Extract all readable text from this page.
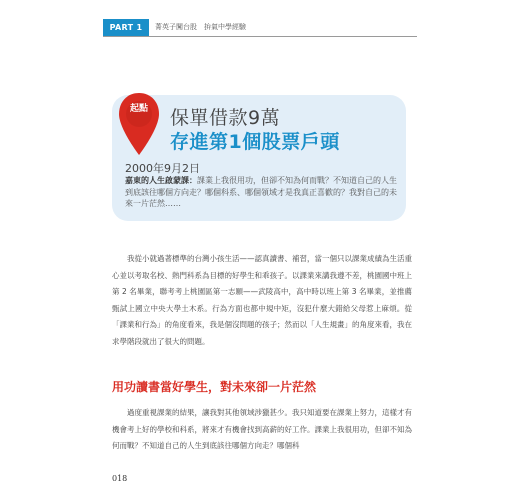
PART 1	菁英子闖台股　拚氣中學經驗
起點	保單借款9萬
存進第1個股票戶頭
2000年9月2日
嘉東的人生啟蒙課：課業上我很用功，但卻不知為何而戰？不知道自己的人生到底該往哪個方向走？哪個科系、哪個領域才是我真正喜歡的？我對自己的未來一片茫然……
我從小就過著標準的台灣小孩生活——認真讀書、補習，當一個只以課業成績為生活重心並以考取名校、熱門科系為目標的好學生和乖孩子。以課業來講我遵不差，桃園國中班上第 2 名畢業，聯考考上桃園區第一志願——武陵高中，高中時以班上第 3 名畢業，並推薦甄試上國立中央大學土木系。行為方面也都中規中矩，沒犯什麼大錯給父母惹上麻煩。從「課業和行為」的角度看來，我是個沒問題的孩子；然而以「人生規畫」的角度來看，我在求學階段就出了很大的問題。
用功讀書當好學生，對未來卻一片茫然
過度重視課業的結果，讓我對其他領域涉獵甚少。我只知道要在課業上努力，這樣才有機會考上好的學校和科系，將來才有機會找到高薪的好工作。課業上我很用功，但卻不知為何而戰？不知道自己的人生到底該往哪個方向走？哪個科
018
